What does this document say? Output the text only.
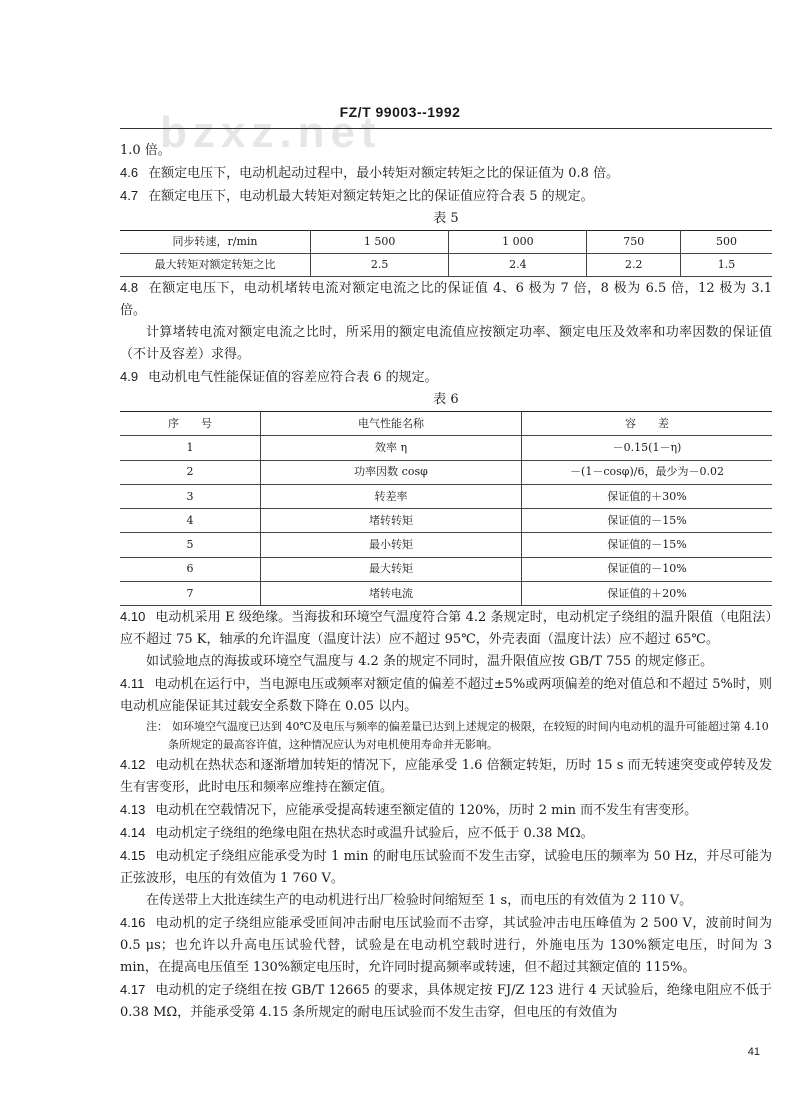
bzxz.net
FZ/T 99003--1992

1.0 倍。

4.6 在额定电压下，电动机起动过程中，最小转矩对额定转矩之比的保证值为 0.8 倍。

4.7 在额定电压下，电动机最大转矩对额定转矩之比的保证值应符合表 5 的规定。

表 5

同步转速，r/min	1 500	1 000	750	500
最大转矩对额定转矩之比	2.5	2.4	2.2	1.5

4.8 在额定电压下，电动机堵转电流对额定电流之比的保证值 4、6 极为 7 倍，8 极为 6.5 倍，12 极为 3.1 倍。

计算堵转电流对额定电流之比时，所采用的额定电流值应按额定功率、额定电压及效率和功率因数的保证值（不计及容差）求得。

4.9 电动机电气性能保证值的容差应符合表 6 的规定。

表 6

序　　号	电气性能名称	容　　差
1	效率 η	－0.15(1－η)
2	功率因数 cosφ	－(1－cosφ)/6，最少为－0.02
3	转差率	保证值的＋30%
4	堵转转矩	保证值的－15%
5	最小转矩	保证值的－15%
6	最大转矩	保证值的－10%
7	堵转电流	保证值的＋20%

4.10 电动机采用 E 级绝缘。当海拔和环境空气温度符合第 4.2 条规定时，电动机定子绕组的温升限值（电阻法）应不超过 75 K，轴承的允许温度（温度计法）应不超过 95℃，外壳表面（温度计法）应不超过 65℃。

如试验地点的海拔或环境空气温度与 4.2 条的规定不同时，温升限值应按 GB/T 755 的规定修正。

4.11 电动机在运行中，当电源电压或频率对额定值的偏差不超过±5%或两项偏差的绝对值总和不超过 5%时，则电动机应能保证其过载安全系数下降在 0.05 以内。

注： 如环境空气温度已达到 40℃及电压与频率的偏差量已达到上述规定的极限，在较短的时间内电动机的温升可能超过第 4.10 条所规定的最高容许值，这种情况应认为对电机使用寿命并无影响。

4.12 电动机在热状态和逐渐增加转矩的情况下，应能承受 1.6 倍额定转矩，历时 15 s 而无转速突变或停转及发生有害变形，此时电压和频率应维持在额定值。

4.13 电动机在空载情况下，应能承受提高转速至额定值的 120%，历时 2 min 而不发生有害变形。

4.14 电动机定子绕组的绝缘电阻在热状态时或温升试验后，应不低于 0.38 MΩ。

4.15 电动机定子绕组应能承受为时 1 min 的耐电压试验而不发生击穿，试验电压的频率为 50 Hz，并尽可能为正弦波形，电压的有效值为 1 760 V。

在传送带上大批连续生产的电动机进行出厂检验时间缩短至 1 s，而电压的有效值为 2 110 V。

4.16 电动机的定子绕组应能承受匝间冲击耐电压试验而不击穿，其试验冲击电压峰值为 2 500 V，波前时间为 0.5 μs；也允许以升高电压试验代替，试验是在电动机空载时进行，外施电压为 130%额定电压，时间为 3 min，在提高电压值至 130%额定电压时，允许同时提高频率或转速，但不超过其额定值的 115%。

4.17 电动机的定子绕组在按 GB/T 12665 的要求，具体规定按 FJ/Z 123 进行 4 天试验后，绝缘电阻应不低于 0.38 MΩ，并能承受第 4.15 条所规定的耐电压试验而不发生击穿，但电压的有效值为

41
